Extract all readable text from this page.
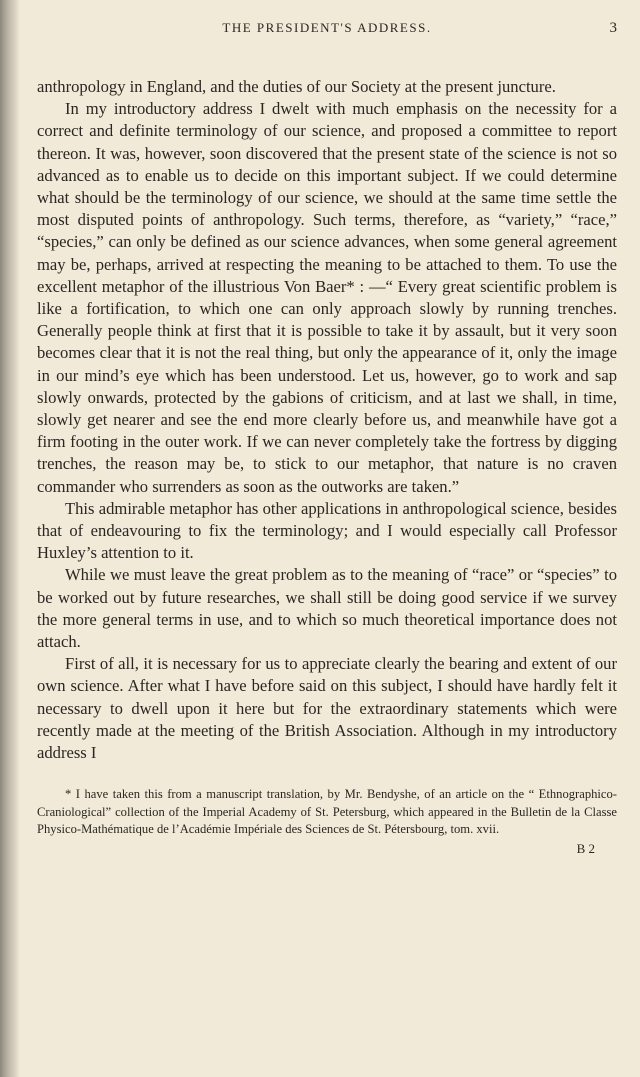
THE PRESIDENT'S ADDRESS.	3

anthropology in England, and the duties of our Society at the present juncture.

In my introductory address I dwelt with much emphasis on the necessity for a correct and definite terminology of our science, and proposed a committee to report thereon. It was, however, soon discovered that the present state of the science is not so advanced as to enable us to decide on this important subject. If we could determine what should be the terminology of our science, we should at the same time settle the most disputed points of anthropology. Such terms, therefore, as “variety,” “race,” “species,” can only be defined as our science advances, when some general agreement may be, perhaps, arrived at respecting the meaning to be attached to them. To use the excellent metaphor of the illustrious Von Baer* : —“ Every great scientific problem is like a fortification, to which one can only approach slowly by running trenches. Generally people think at first that it is possible to take it by assault, but it very soon becomes clear that it is not the real thing, but only the appearance of it, only the image in our mind’s eye which has been understood. Let us, however, go to work and sap slowly onwards, protected by the gabions of criticism, and at last we shall, in time, slowly get nearer and see the end more clearly before us, and meanwhile have got a firm footing in the outer work. If we can never completely take the fortress by digging trenches, the reason may be, to stick to our metaphor, that nature is no craven commander who surrenders as soon as the outworks are taken.”

This admirable metaphor has other applications in anthropological science, besides that of endeavouring to fix the terminology; and I would especially call Professor Huxley’s attention to it.

While we must leave the great problem as to the meaning of “race” or “species” to be worked out by future researches, we shall still be doing good service if we survey the more general terms in use, and to which so much theoretical importance does not attach.

First of all, it is necessary for us to appreciate clearly the bearing and extent of our own science. After what I have before said on this subject, I should have hardly felt it necessary to dwell upon it here but for the extraordinary statements which were recently made at the meeting of the British Association. Although in my introductory address I

* I have taken this from a manuscript translation, by Mr. Bendyshe, of an article on the “ Ethnographico-Craniological” collection of the Imperial Academy of St. Petersburg, which appeared in the Bulletin de la Classe Physico-Mathématique de l’Académie Impériale des Sciences de St. Pétersbourg, tom. xvii.

B 2
